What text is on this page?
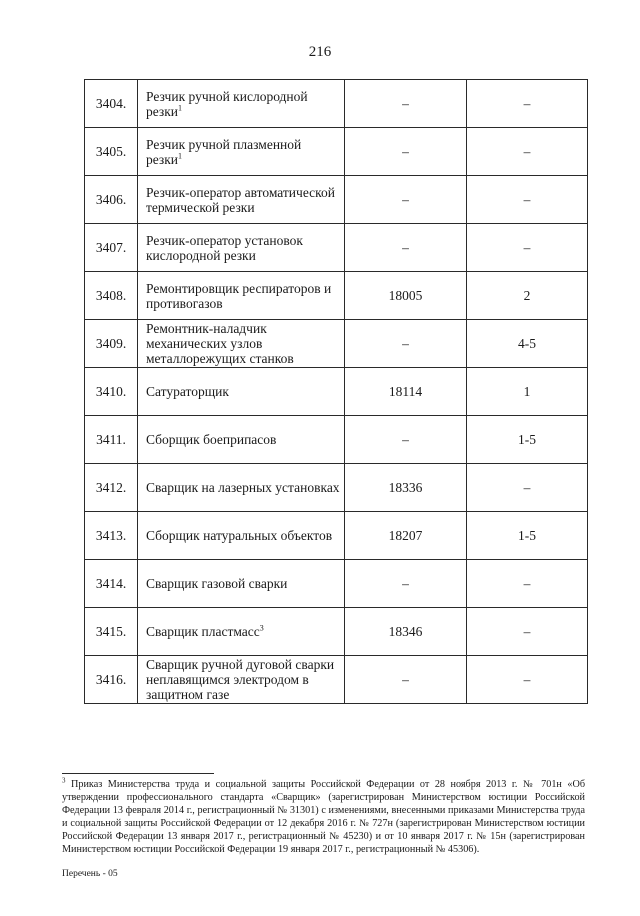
216
3404.	Резчик ручной кислородной резки$^1$	–	–
3405.	Резчик ручной плазменной резки$^1$	–	–
3406.	Резчик-оператор автоматической термической резки	–	–
3407.	Резчик-оператор установок кислородной резки	–	–
3408.	Ремонтировщик респираторов и противогазов	18005	2
3409.	Ремонтник-наладчик механических узлов металлорежущих станков	–	4-5
3410.	Сатураторщик	18114	1
3411.	Сборщик боеприпасов	–	1-5
3412.	Сварщик на лазерных установках	18336	–
3413.	Сборщик натуральных объектов	18207	1-5
3414.	Сварщик газовой сварки	–	–
3415.	Сварщик пластмасс$^3$	18346	–
3416.	Сварщик ручной дуговой сварки неплавящимся электродом в защитном газе	–	–
$^3$ Приказ Министерства труда и социальной защиты Российской Федерации от 28 ноября 2013 г. № 701н «Об утверждении профессионального стандарта «Сварщик» (зарегистрирован Министерством юстиции Российской Федерации 13 февраля 2014 г., регистрационный № 31301) с изменениями, внесенными приказами Министерства труда и социальной защиты Российской Федерации от 12 декабря 2016 г. № 727н (зарегистрирован Министерством юстиции Российской Федерации 13 января 2017 г., регистрационный № 45230) и от 10 января 2017 г. № 15н (зарегистрирован Министерством юстиции Российской Федерации 19 января 2017 г., регистрационный № 45306).
Перечень - 05
